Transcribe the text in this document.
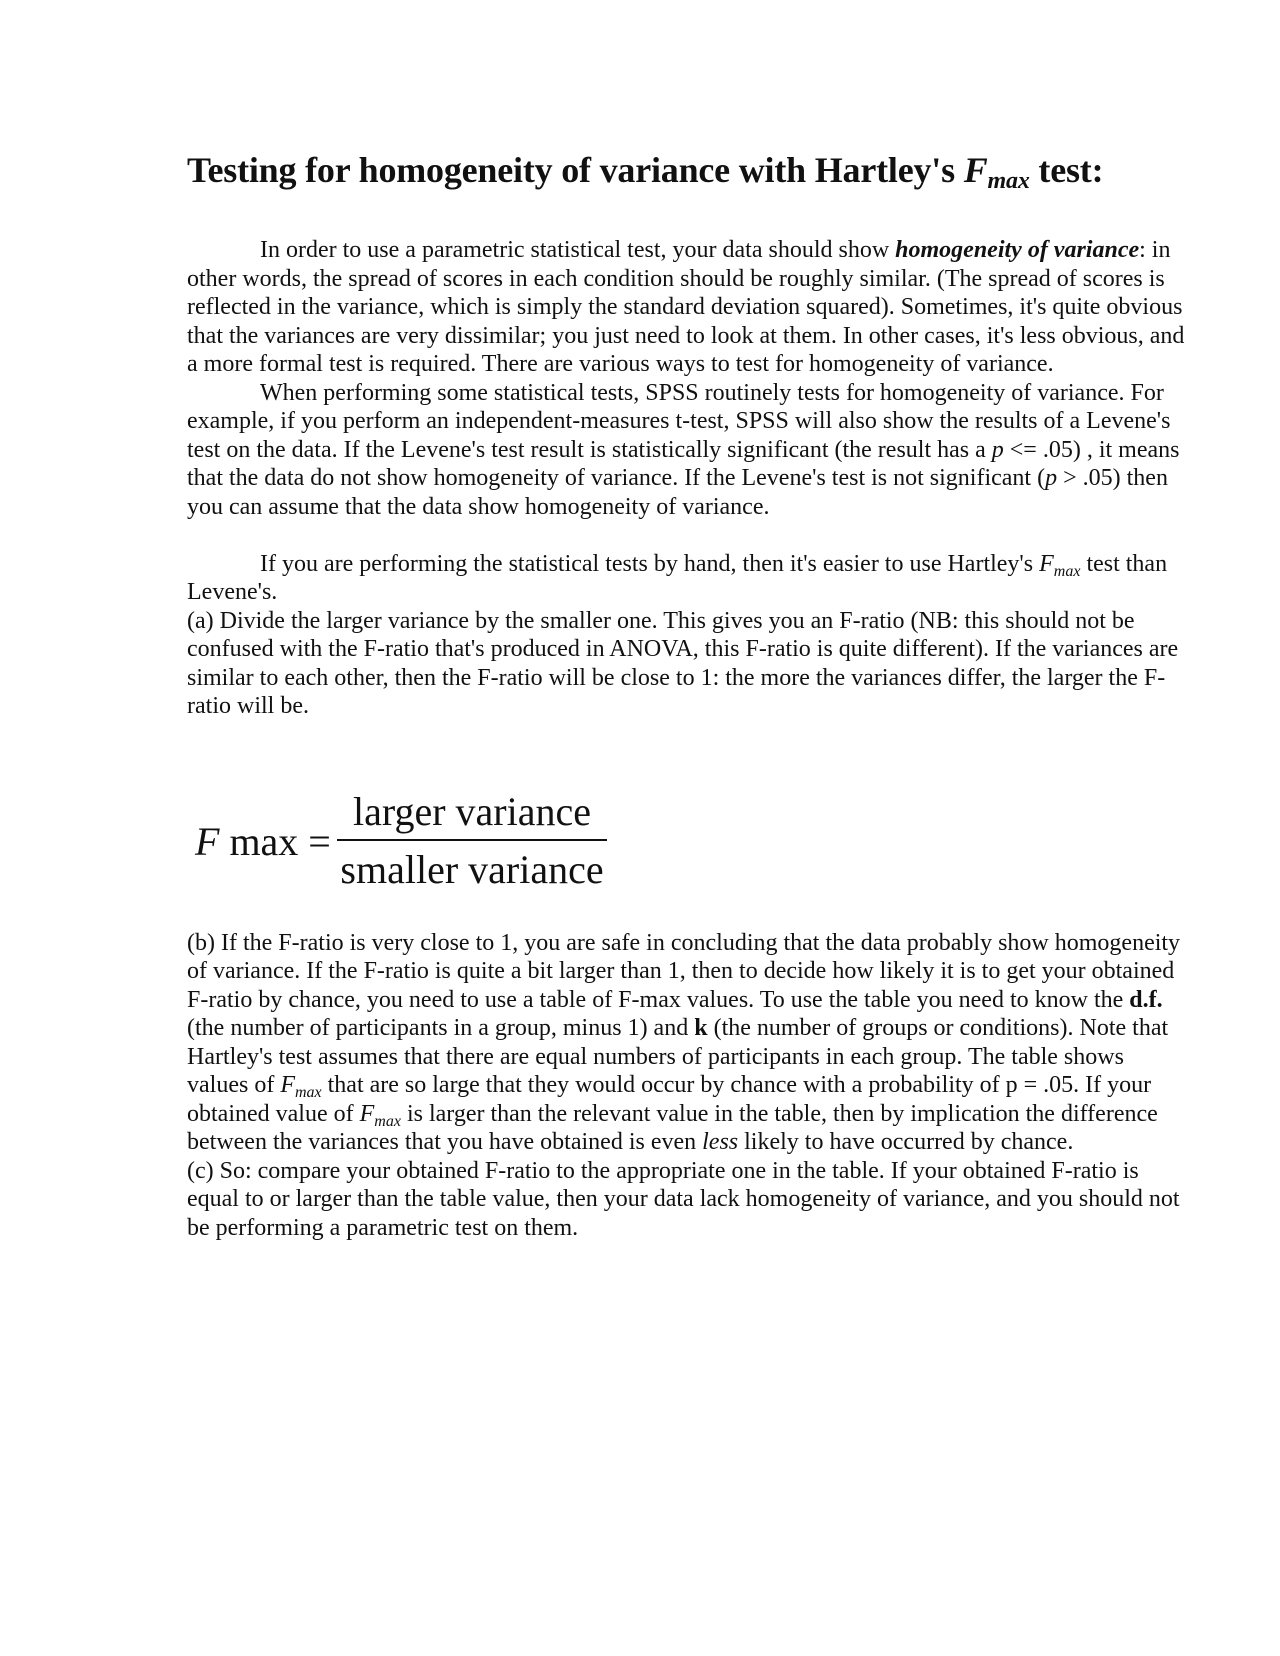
Testing for homogeneity of variance with Hartley's $F_{max}$ test:

In order to use a parametric statistical test, your data should show homogeneity of variance: in other words, the spread of scores in each condition should be roughly similar. (The spread of scores is reflected in the variance, which is simply the standard deviation squared). Sometimes, it's quite obvious that the variances are very dissimilar; you just need to look at them. In other cases, it's less obvious, and a more formal test is required. There are various ways to test for homogeneity of variance.

When performing some statistical tests, SPSS routinely tests for homogeneity of variance. For example, if you perform an independent-measures t-test, SPSS will also show the results of a Levene's test on the data. If the Levene's test result is statistically significant (the result has a p <= .05) , it means that the data do not show homogeneity of variance. If the Levene's test is not significant (p > .05) then you can assume that the data show homogeneity of variance.

If you are performing the statistical tests by hand, then it's easier to use Hartley's $F_{max}$ test than Levene's.

(a) Divide the larger variance by the smaller one. This gives you an F-ratio (NB: this should not be confused with the F-ratio that's produced in ANOVA, this F-ratio is quite different). If the variances are similar to each other, then the F-ratio will be close to 1: the more the variances differ, the larger the F-ratio will be.

F max =
larger variance
smaller variance

(b) If the F-ratio is very close to 1, you are safe in concluding that the data probably show homogeneity of variance. If the F-ratio is quite a bit larger than 1, then to decide how likely it is to get your obtained F-ratio by chance, you need to use a table of F-max values. To use the table you need to know the d.f. (the number of participants in a group, minus 1) and k (the number of groups or conditions). Note that Hartley's test assumes that there are equal numbers of participants in each group. The table shows values of $F_{max}$ that are so large that they would occur by chance with a probability of p = .05. If your obtained value of $F_{max}$ is larger than the relevant value in the table, then by implication the difference between the variances that you have obtained is even less likely to have occurred by chance.

(c) So: compare your obtained F-ratio to the appropriate one in the table. If your obtained F-ratio is equal to or larger than the table value, then your data lack homogeneity of variance, and you should not be performing a parametric test on them.
